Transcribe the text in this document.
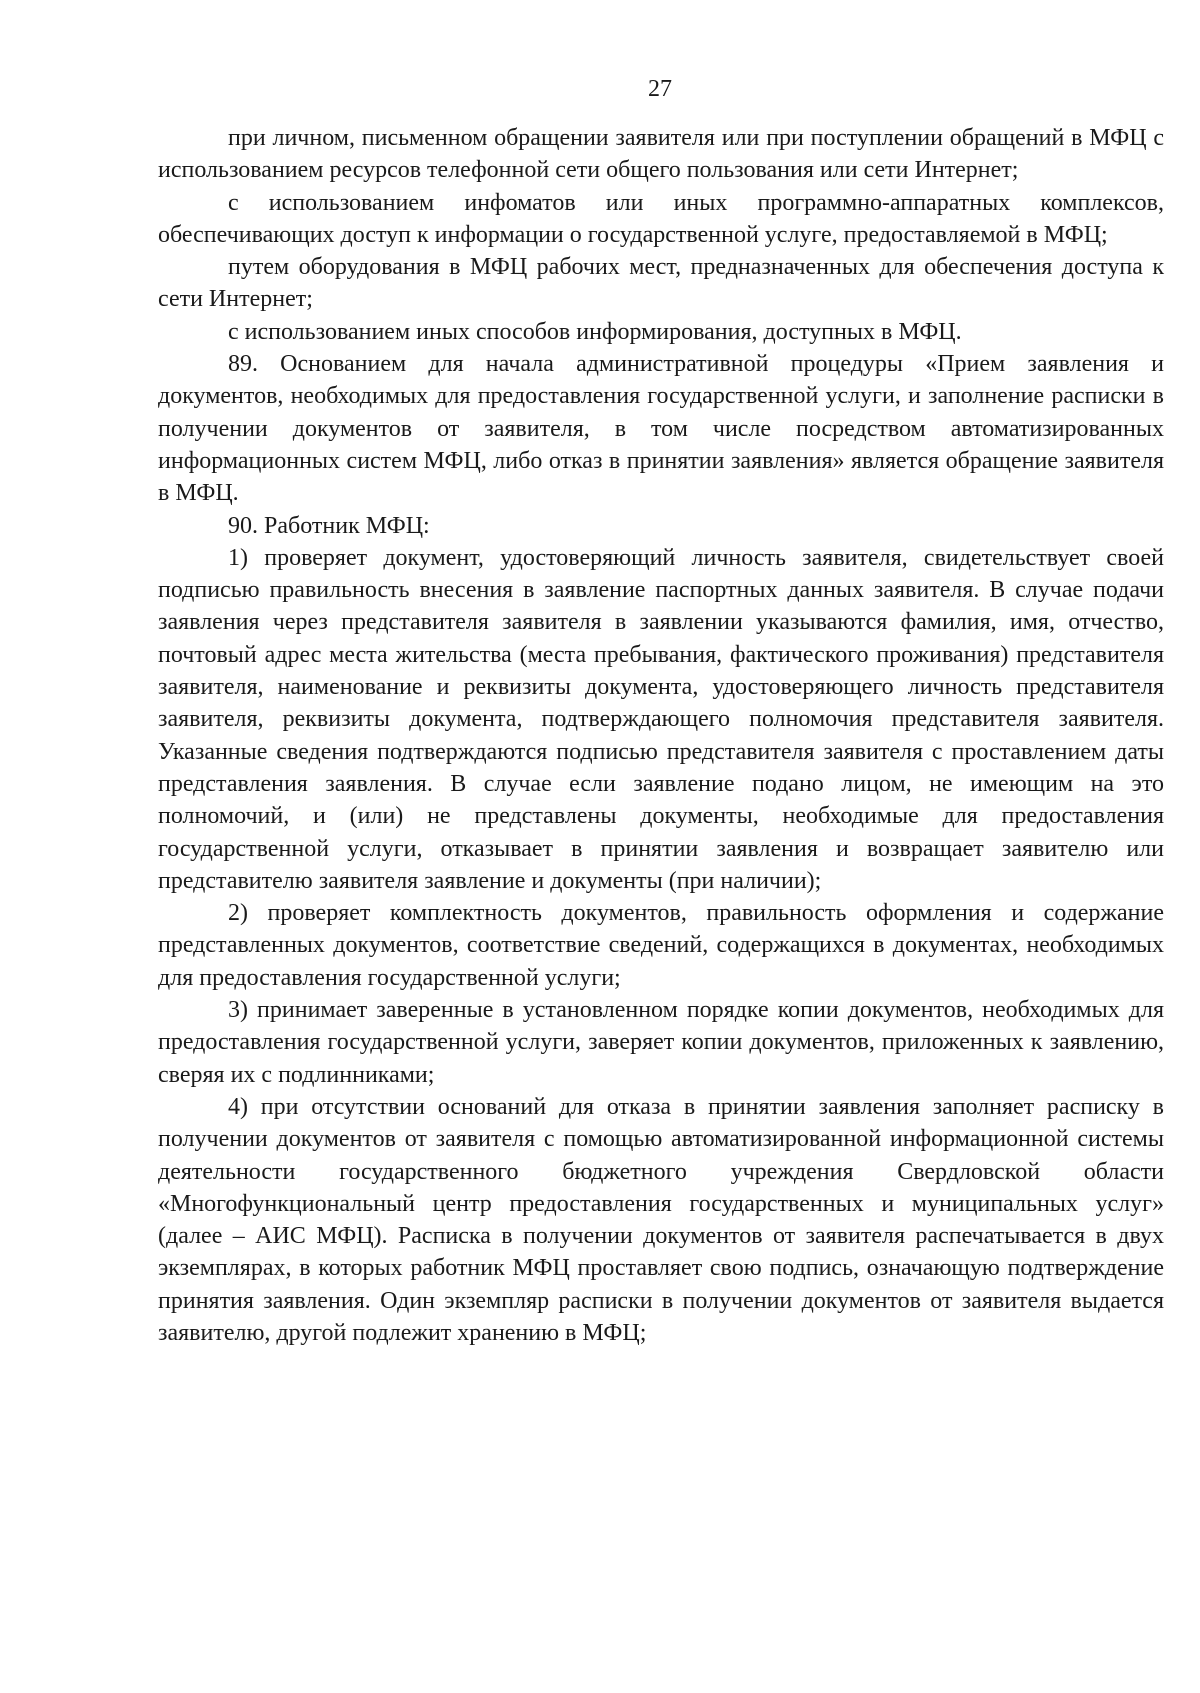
27

при личном, письменном обращении заявителя или при поступлении обращений в МФЦ с использованием ресурсов телефонной сети общего пользования или сети Интернет;

с использованием инфоматов или иных программно-аппаратных комплексов, обеспечивающих доступ к информации о государственной услуге, предоставляемой в МФЦ;

путем оборудования в МФЦ рабочих мест, предназначенных для обеспечения доступа к сети Интернет;

с использованием иных способов информирования, доступных в МФЦ.

89. Основанием для начала административной процедуры «Прием заявления и документов, необходимых для предоставления государственной услуги, и заполнение расписки в получении документов от заявителя, в том числе посредством автоматизированных информационных систем МФЦ, либо отказ в принятии заявления» является обращение заявителя в МФЦ.

90. Работник МФЦ:

1) проверяет документ, удостоверяющий личность заявителя, свидетельствует своей подписью правильность внесения в заявление паспортных данных заявителя. В случае подачи заявления через представителя заявителя в заявлении указываются фамилия, имя, отчество, почтовый адрес места жительства (места пребывания, фактического проживания) представителя заявителя, наименование и реквизиты документа, удостоверяющего личность представителя заявителя, реквизиты документа, подтверждающего полномочия представителя заявителя. Указанные сведения подтверждаются подписью представителя заявителя с проставлением даты представления заявления. В случае если заявление подано лицом, не имеющим на это полномочий, и (или) не представлены документы, необходимые для предоставления государственной услуги, отказывает в принятии заявления и возвращает заявителю или представителю заявителя заявление и документы (при наличии);

2) проверяет комплектность документов, правильность оформления и содержание представленных документов, соответствие сведений, содержащихся в документах, необходимых для предоставления государственной услуги;

3) принимает заверенные в установленном порядке копии документов, необходимых для предоставления государственной услуги, заверяет копии документов, приложенных к заявлению, сверяя их с подлинниками;

4) при отсутствии оснований для отказа в принятии заявления заполняет расписку в получении документов от заявителя с помощью автоматизированной информационной системы деятельности государственного бюджетного учреждения Свердловской области «Многофункциональный центр предоставления государственных и муниципальных услуг» (далее – АИС МФЦ). Расписка в получении документов от заявителя распечатывается в двух экземплярах, в которых работник МФЦ проставляет свою подпись, означающую подтверждение принятия заявления. Один экземпляр расписки в получении документов от заявителя выдается заявителю, другой подлежит хранению в МФЦ;
